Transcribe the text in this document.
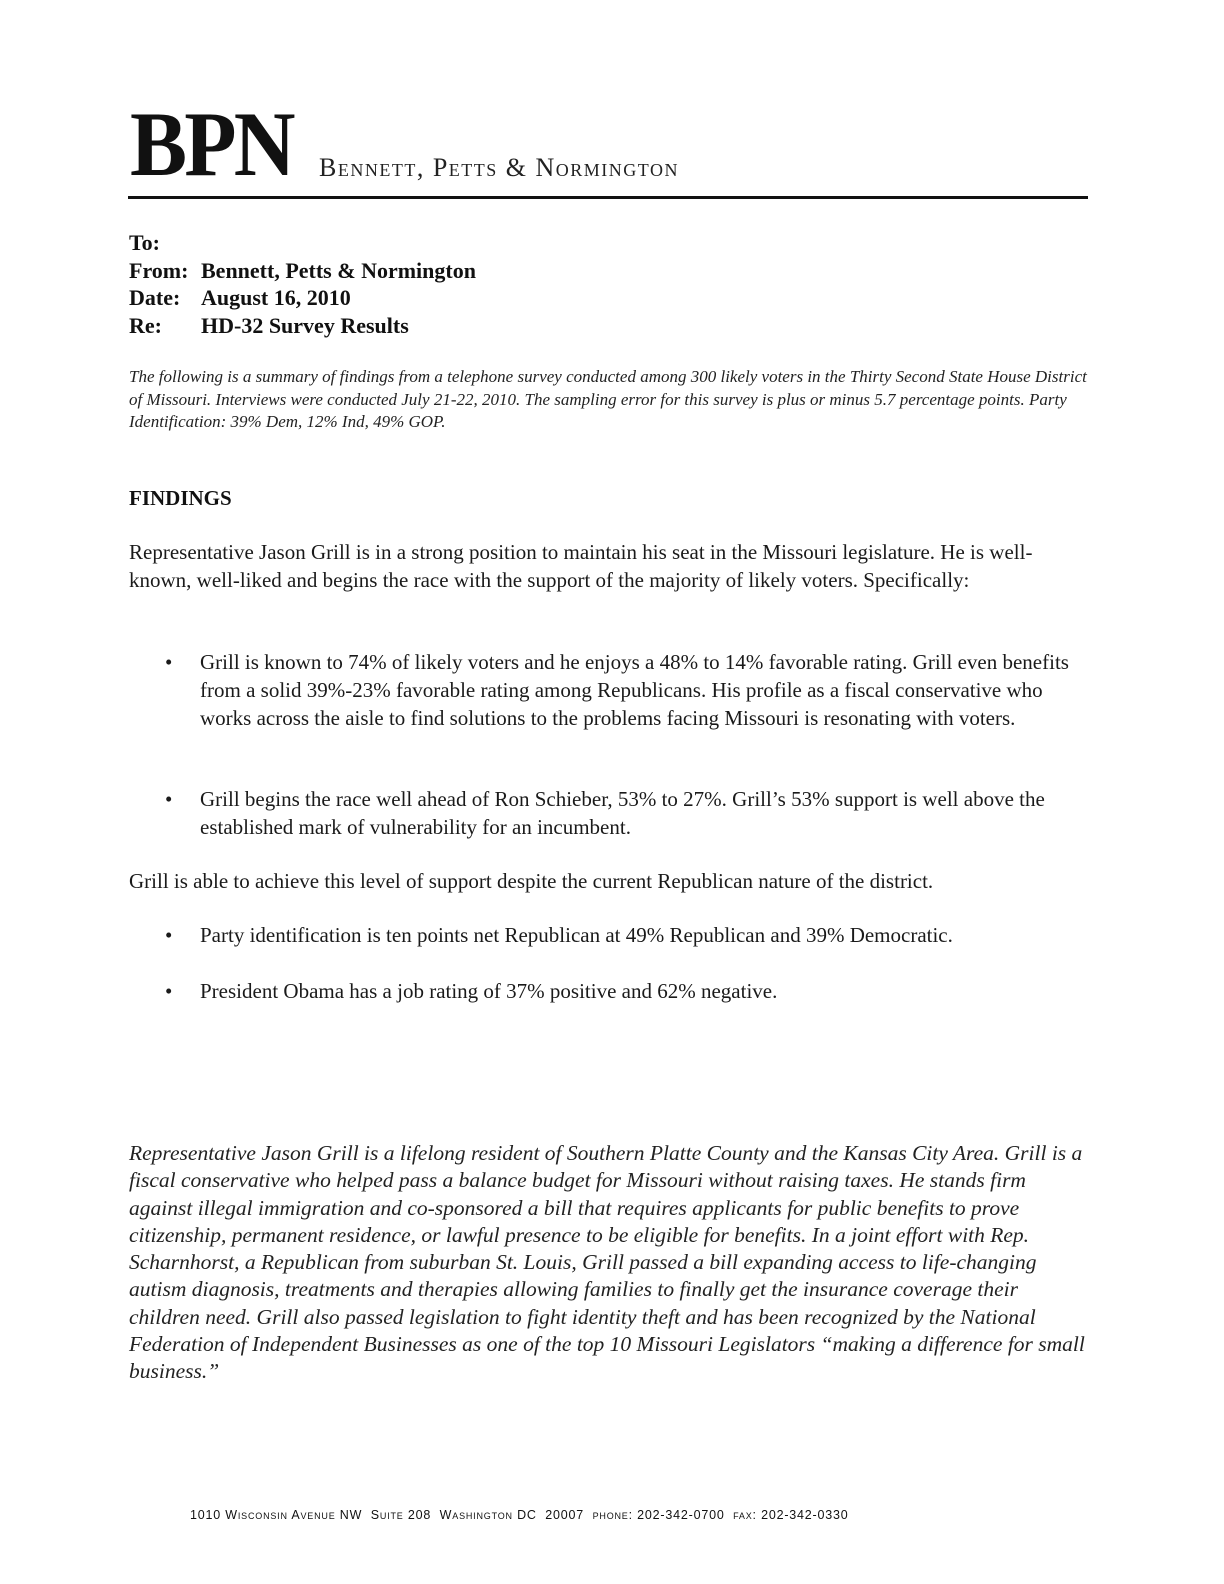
BPN Bennett, Petts & Normington
To:
From: Bennett, Petts & Normington
Date: August 16, 2010
Re:	HD-32 Survey Results
The following is a summary of findings from a telephone survey conducted among 300 likely voters in the Thirty Second State House District of Missouri. Interviews were conducted July 21-22, 2010. The sampling error for this survey is plus or minus 5.7 percentage points. Party Identification: 39% Dem, 12% Ind, 49% GOP.
FINDINGS
Representative Jason Grill is in a strong position to maintain his seat in the Missouri legislature. He is well-known, well-liked and begins the race with the support of the majority of likely voters. Specifically:
•	Grill is known to 74% of likely voters and he enjoys a 48% to 14% favorable rating. Grill even benefits from a solid 39%-23% favorable rating among Republicans. His profile as a fiscal conservative who works across the aisle to find solutions to the problems facing Missouri is resonating with voters.
•	Grill begins the race well ahead of Ron Schieber, 53% to 27%. Grill’s 53% support is well above the established mark of vulnerability for an incumbent.
Grill is able to achieve this level of support despite the current Republican nature of the district.
•	Party identification is ten points net Republican at 49% Republican and 39% Democratic.
•	President Obama has a job rating of 37% positive and 62% negative.
Representative Jason Grill is a lifelong resident of Southern Platte County and the Kansas City Area. Grill is a fiscal conservative who helped pass a balance budget for Missouri without raising taxes. He stands firm against illegal immigration and co-sponsored a bill that requires applicants for public benefits to prove citizenship, permanent residence, or lawful presence to be eligible for benefits. In a joint effort with Rep. Scharnhorst, a Republican from suburban St. Louis, Grill passed a bill expanding access to life-changing autism diagnosis, treatments and therapies allowing families to finally get the insurance coverage their children need. Grill also passed legislation to fight identity theft and has been recognized by the National Federation of Independent Businesses as one of the top 10 Missouri Legislators “making a difference for small business.”
1010 Wisconsin Avenue NW  Suite 208  Washington DC  20007  phone: 202-342-0700  fax: 202-342-0330
